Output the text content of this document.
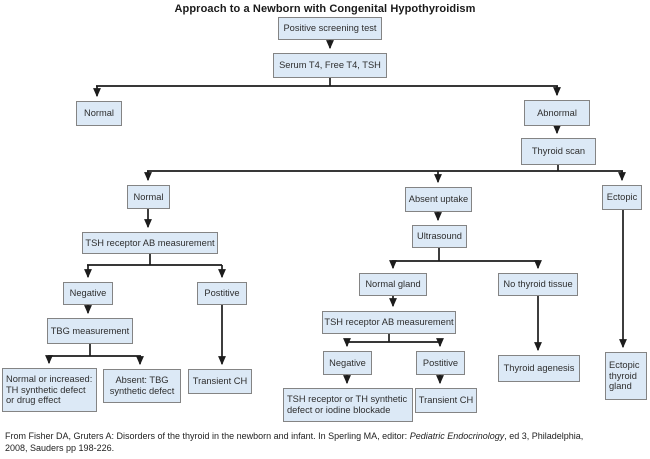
Approach to a Newborn with Congenital Hypothyroidism
Positive screening test
Serum T4, Free T4, TSH
Normal	Abnormal
Thyroid scan
Normal	Absent uptake	Ectopic
TSH receptor AB measurement
Ultrasound
Negative	Postitive
TBG measurement
Normal gland	No thyroid tissue
TSH receptor AB measurement
Negative	Postitive
Thyroid agenesis
Normal or increased: TH synthetic defect or drug effect
Absent: TBG synthetic defect
Transient CH
TSH receptor or TH synthetic defect or iodine blockade
Transient CH
Ectopic thyroid gland
From Fisher DA, Gruters A: Disorders of the thyroid in the newborn and infant. In Sperling MA, editor: Pediatric Endocrinology, ed 3, Philadelphia,
2008, Sauders pp 198-226.
